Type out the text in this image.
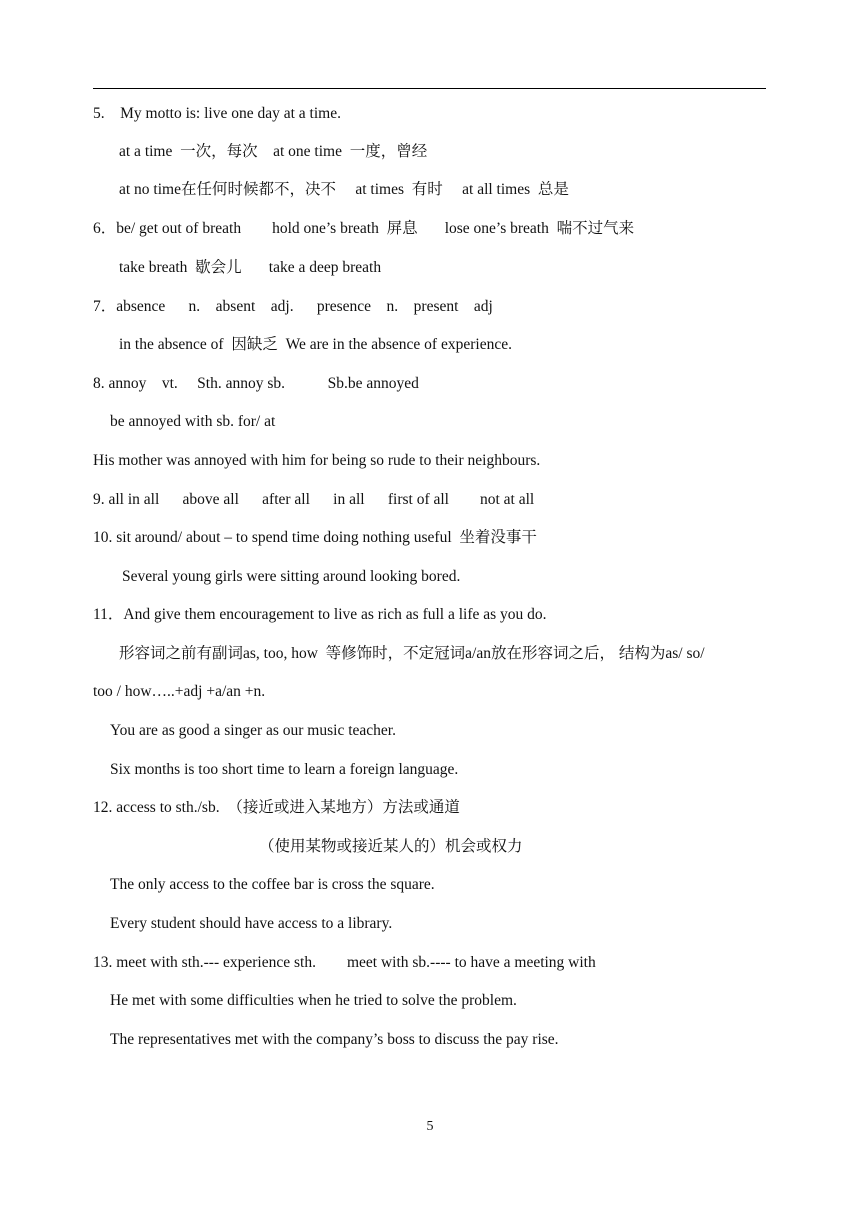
5.    My motto is: live one day at a time.
at a time  一次，每次    at one time  一度，曾经
at no time在任何时候都不，决不     at times  有时     at all times  总是
6．be/ get out of breath        hold one’s breath  屏息       lose one’s breath  喘不过气来
take breath  歇会儿       take a deep breath
7．absence      n.    absent    adj.      presence    n.    present    adj
in the absence of  因缺乏  We are in the absence of experience.
8. annoy    vt.     Sth. annoy sb.           Sb.be annoyed
be annoyed with sb. for/ at
His mother was annoyed with him for being so rude to their neighbours.
9. all in all      above all      after all      in all      first of all        not at all
10. sit around/ about – to spend time doing nothing useful  坐着没事干
Several young girls were sitting around looking bored.
11．And give them encouragement to live as rich as full a life as you do.
形容词之前有副词as, too, how  等修饰时，不定冠词a/an放在形容词之后， 结构为as/ so/
too / how…..+adj +a/an +n.
You are as good a singer as our music teacher.
Six months is too short time to learn a foreign language.
12. access to sth./sb.  （接近或进入某地方）方法或通道
（使用某物或接近某人的）机会或权力
The only access to the coffee bar is cross the square.
Every student should have access to a library.
13. meet with sth.--- experience sth.        meet with sb.---- to have a meeting with
He met with some difficulties when he tried to solve the problem.
The representatives met with the company’s boss to discuss the pay rise.
5
